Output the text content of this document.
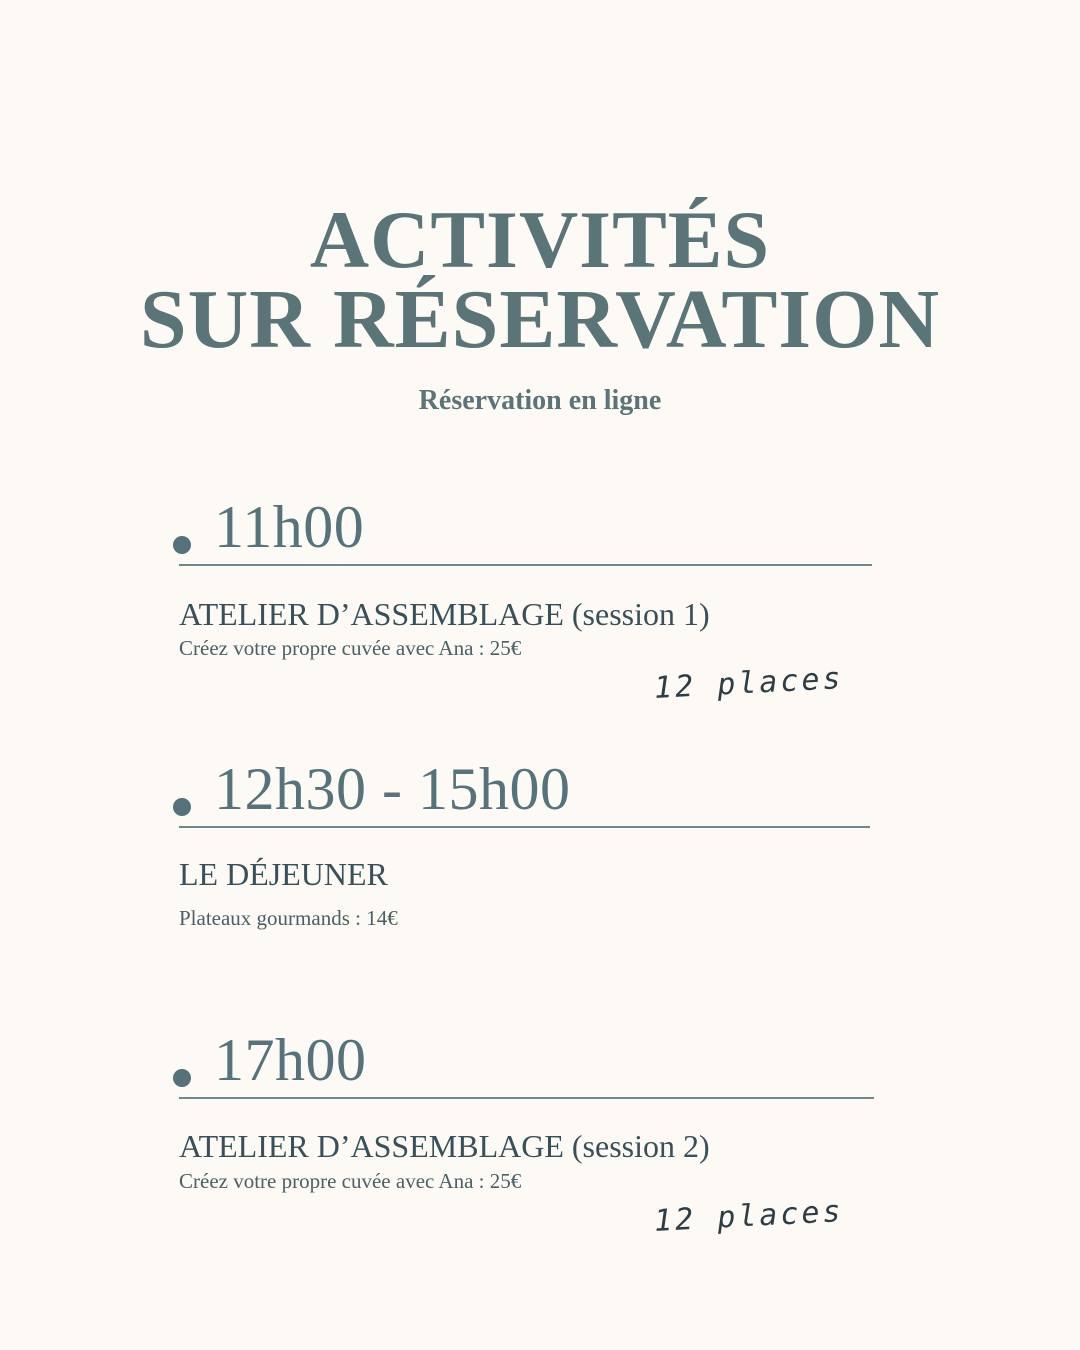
ACTIVITÉS
SUR RÉSERVATION
Réservation en ligne
11h00
ATELIER D’ASSEMBLAGE (session 1)
Créez votre propre cuvée avec Ana : 25€
12 places
12h30 - 15h00
LE DÉJEUNER
Plateaux gourmands : 14€
17h00
ATELIER D’ASSEMBLAGE (session 2)
Créez votre propre cuvée avec Ana : 25€
12 places
